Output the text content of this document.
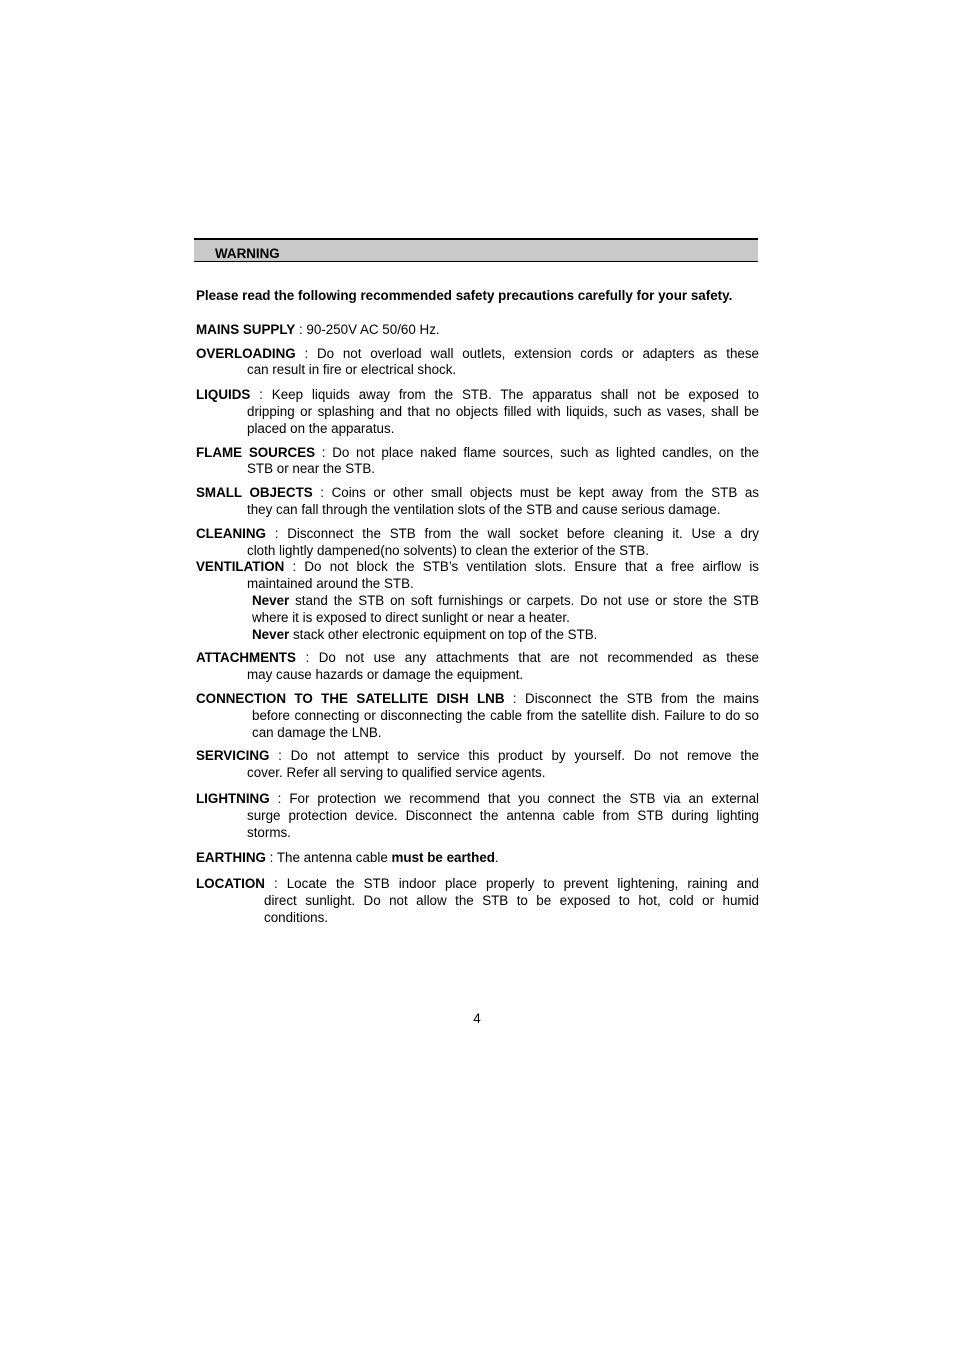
WARNING

Please read the following recommended safety precautions carefully for your safety.

MAINS SUPPLY : 90-250V AC 50/60 Hz.

OVERLOADING : Do not overload wall outlets, extension cords or adapters as these
can result in fire or electrical shock.
LIQUIDS : Keep liquids away from the STB. The apparatus shall not be exposed to
dripping or splashing and that no objects filled with liquids, such as vases, shall be placed on the apparatus.
FLAME SOURCES : Do not place naked flame sources, such as lighted candles, on the
STB or near the STB.
SMALL OBJECTS : Coins or other small objects must be kept away from the STB as
they can fall through the ventilation slots of the STB and cause serious damage.
CLEANING : Disconnect the STB from the wall socket before cleaning it. Use a dry
cloth lightly dampened(no solvents) to clean the exterior of the STB.
VENTILATION : Do not block the STB’s ventilation slots. Ensure that a free airflow is
maintained around the STB.
Never stand the STB on soft furnishings or carpets. Do not use or store the STB where it is exposed to direct sunlight or near a heater.
Never stack other electronic equipment on top of the STB.
ATTACHMENTS : Do not use any attachments that are not recommended as these
may cause hazards or damage the equipment.
CONNECTION TO THE SATELLITE DISH LNB : Disconnect the STB from the mains
before connecting or disconnecting the cable from the satellite dish. Failure to do so can damage the LNB.
SERVICING : Do not attempt to service this product by yourself. Do not remove the
cover. Refer all serving to qualified service agents.
LIGHTNING : For protection we recommend that you connect the STB via an external
surge protection device. Disconnect the antenna cable from STB during lighting storms.

EARTHING : The antenna cable must be earthed.

LOCATION : Locate the STB indoor place properly to prevent lightening, raining and
direct sunlight. Do not allow the STB to be exposed to hot, cold or humid conditions.
4
